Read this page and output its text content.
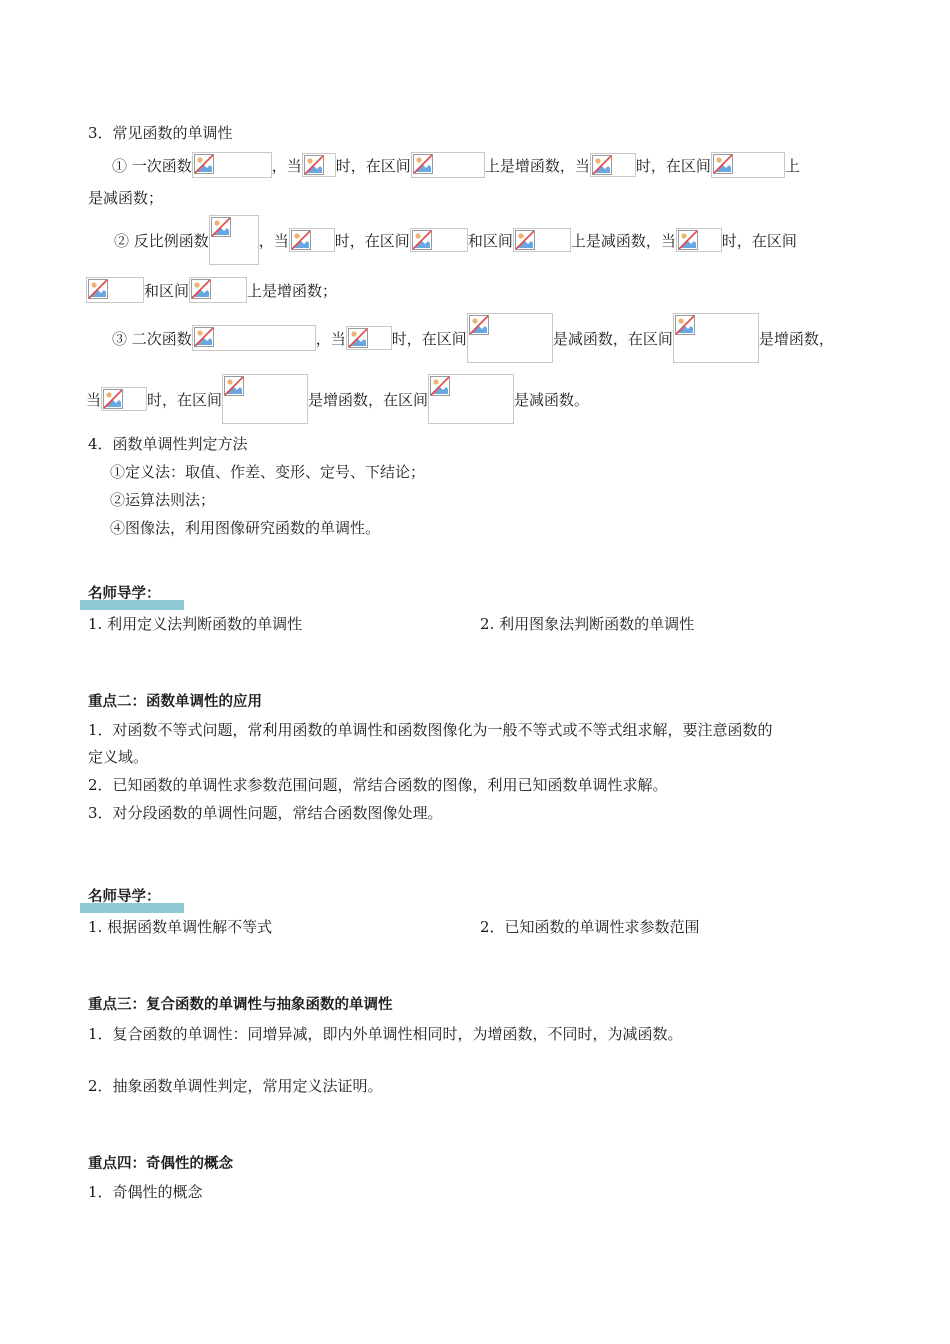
3．常见函数的单调性
① 一次函数	，当 时，在区间	上是增函数，当	时，在区间	上
是减函数；
② 反比例函数	，当	时，在区间	和区间	上是减函数，当	时，在区间
和区间	上是增函数；
③ 二次函数	，当	时，在区间	是减函数，在区间	是增函数，
当	时，在区间	是增函数，在区间	是减函数。
4．函数单调性判定方法
①定义法：取值、作差、变形、定号、下结论；
②运算法则法；
④图像法，利用图像研究函数的单调性。
名师导学：
1. 利用定义法判断函数的单调性	2. 利用图象法判断函数的单调性
重点二：函数单调性的应用
1．对函数不等式问题，常利用函数的单调性和函数图像化为一般不等式或不等式组求解，要注意函数的
定义域。
2．已知函数的单调性求参数范围问题，常结合函数的图像，利用已知函数单调性求解。
3．对分段函数的单调性问题，常结合函数图像处理。
名师导学：
1. 根据函数单调性解不等式	2．已知函数的单调性求参数范围
重点三：复合函数的单调性与抽象函数的单调性
1．复合函数的单调性：同增异减，即内外单调性相同时，为增函数，不同时，为减函数。
2．抽象函数单调性判定，常用定义法证明。
重点四：奇偶性的概念
1．奇偶性的概念
